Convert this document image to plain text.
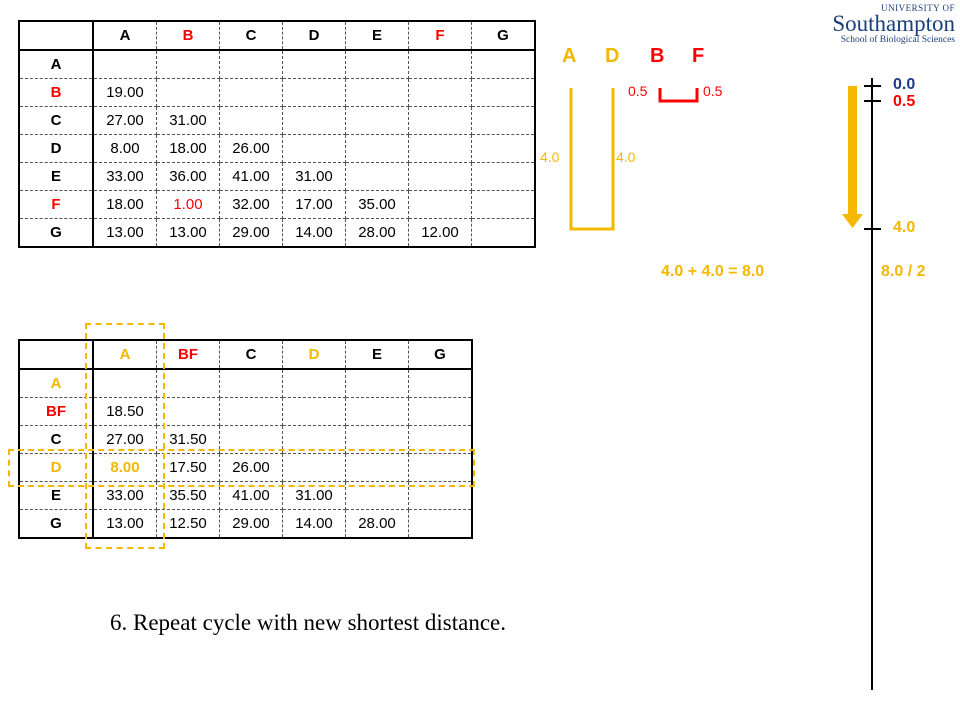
	A	B	C	D	E	F	G
A							
B	19.00						
C	27.00	31.00					
D	8.00	18.00	26.00				
E	33.00	36.00	41.00	31.00			
F	18.00	1.00	32.00	17.00	35.00		
G	13.00	13.00	29.00	14.00	28.00	12.00	
	A	BF	C	D	E	G
A						
BF	18.50					
C	27.00	31.50				
D	8.00	17.50	26.00			
E	33.00	35.50	41.00	31.00		
G	13.00	12.50	29.00	14.00	28.00	
A D B F
0.5	0.5
4.0	4.0
4.0 + 4.0 = 8.0
0.0
0.5
4.0
8.0 / 2
6. Repeat cycle with new shortest distance.
UNIVERSITY OF
Southampton
School of Biological Sciences
